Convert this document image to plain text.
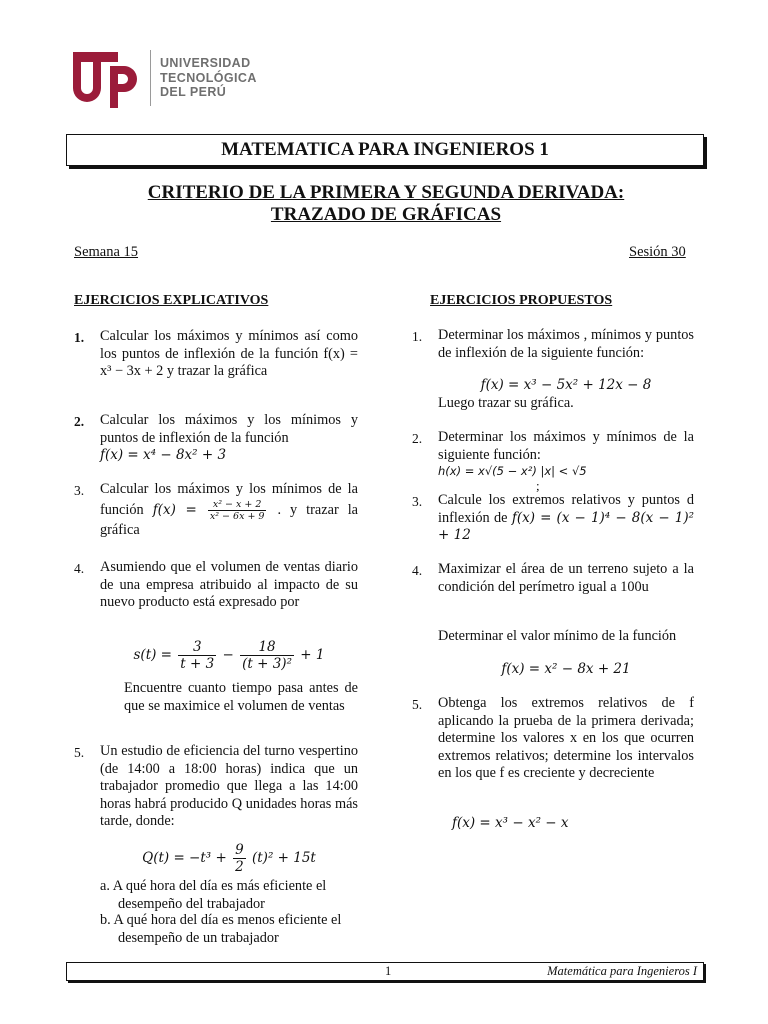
UNIVERSIDAD
TECNOLÓGICA
DEL PERÚ
MATEMATICA PARA INGENIEROS 1
CRITERIO DE LA PRIMERA Y SEGUNDA DERIVADA:
TRAZADO DE GRÁFICAS
Semana 15	Sesión 30
EJERCICIOS EXPLICATIVOS
1. Calcular los máximos y mínimos así como los puntos de inflexión de la función f(x) = x³ − 3x + 2 y trazar la gráfica
2. Calcular los máximos y los mínimos y puntos de inflexión de la función
f(x) = x⁴ − 8x² + 3
3. Calcular los máximos y los mínimos de la función $f(x) = \frac{\text{x² − x + 2}}{\text{x² − 6x + 9}}$ . y trazar la gráfica
4. Asumiendo que el volumen de ventas diario de una empresa atribuido al impacto de su nuevo producto está expresado por
$s(t) = \frac{3}{t + 3} - \frac{18}{\text{(t + 3)²}} + 1$
Encuentre cuanto tiempo pasa antes de que se maximice el volumen de ventas
5. Un estudio de eficiencia del turno vespertino (de 14:00 a 18:00 horas) indica que un trabajador promedio que llega a las 14:00 horas habrá producido Q unidades horas más tarde, donde:
$Q(t) = -t^3 + \frac{9}{2} (t)^2 + 15t$
a. A qué hora del día es más eficiente el desempeño del trabajador
b. A qué hora del día es menos eficiente el desempeño de un trabajador
EJERCICIOS PROPUESTOS
1. Determinar los máximos , mínimos y puntos de inflexión de la siguiente función:
f(x) = x³ − 5x² + 12x − 8
Luego trazar su gráfica.
2. Determinar los máximos y mínimos de la siguiente función:
h(x) = x√(5 − x²) |x| < √5
;
3. Calcule los extremos relativos y puntos d inflexión de f(x) = (x − 1)⁴ − 8(x − 1)² + 12
4. Maximizar el área de un terreno sujeto a la condición del perímetro igual a 100u
Determinar el valor mínimo de la función
f(x) = x² − 8x + 21
5. Obtenga los extremos relativos de f aplicando la prueba de la primera derivada; determine los valores x en los que ocurren extremos relativos; determine los intervalos en los que f es creciente y decreciente
f(x) = x³ − x² − x
1	Matemática para Ingenieros I
